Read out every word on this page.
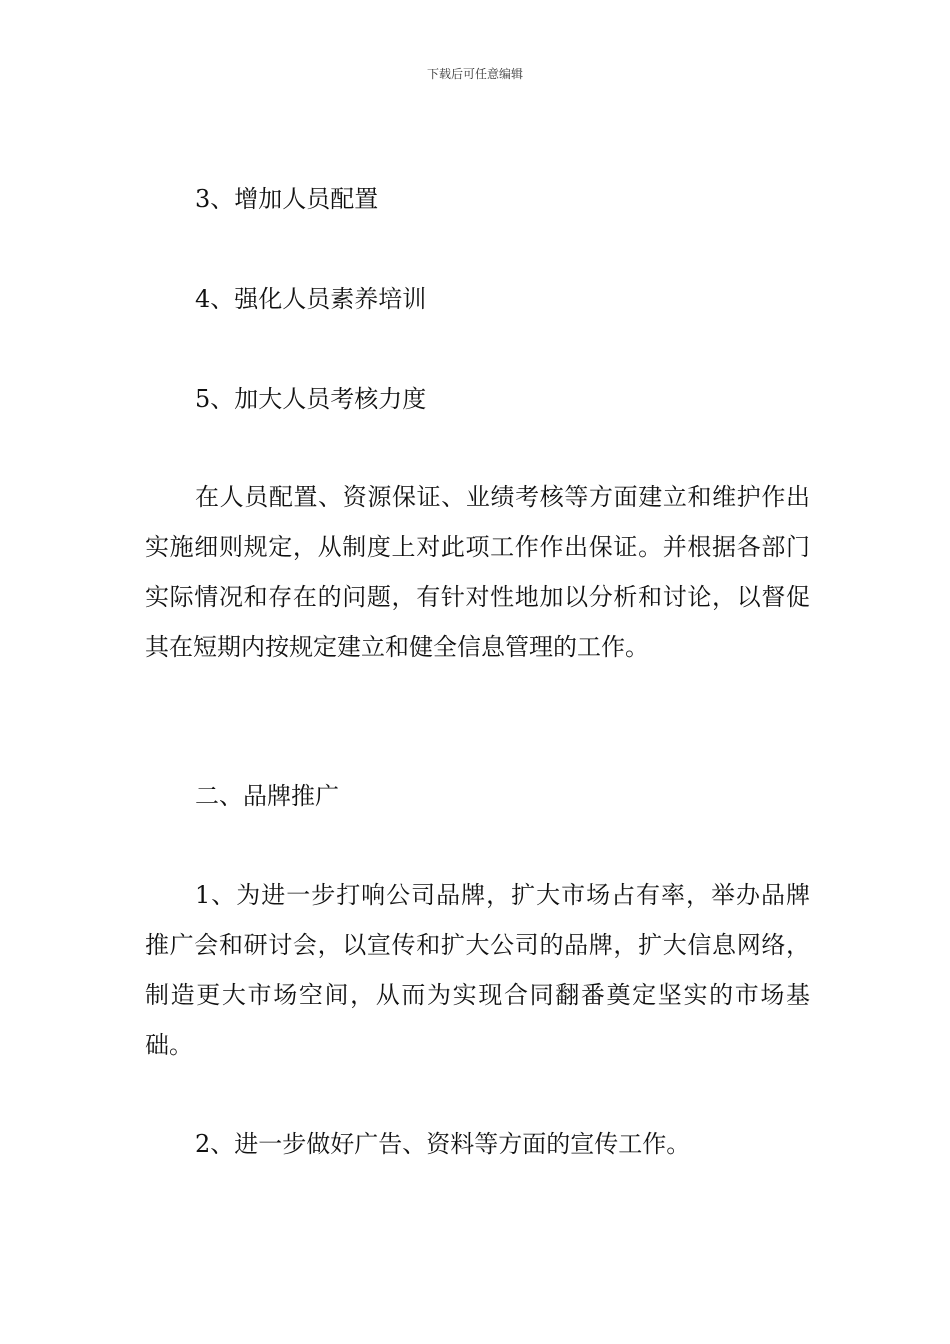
下载后可任意编辑
3、增加人员配置
4、强化人员素养培训
5、加大人员考核力度
在人员配置、资源保证、业绩考核等方面建立和维护作出实施细则规定，从制度上对此项工作作出保证。并根据各部门实际情况和存在的问题，有针对性地加以分析和讨论，以督促其在短期内按规定建立和健全信息管理的工作。
二、品牌推广
1、为进一步打响公司品牌，扩大市场占有率，举办品牌推广会和研讨会，以宣传和扩大公司的品牌，扩大信息网络，制造更大市场空间，从而为实现合同翻番奠定坚实的市场基础。
2、进一步做好广告、资料等方面的宣传工作。
